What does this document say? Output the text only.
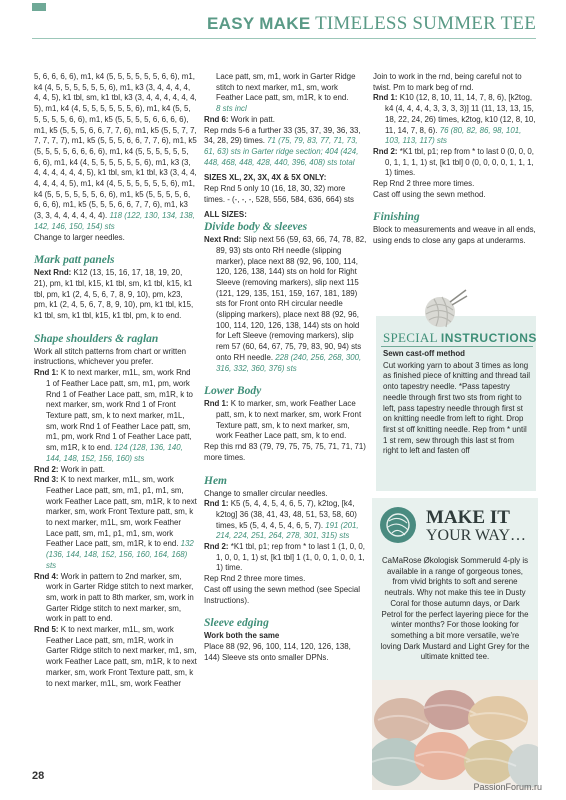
EASY MAKE TIMELESS SUMMER TEE

5, 6, 6, 6, 6), m1, k4 (5, 5, 5, 5, 5, 5, 6, 6), m1, k4 (4, 5, 5, 5, 5, 5, 5, 6), m1, k3 (3, 4, 4, 4, 4, 4, 4, 5), k1 tbl, sm, k1 tbl, k3 (3, 4, 4, 4, 4, 4, 4, 5), m1, k4 (4, 5, 5, 5, 5, 5, 5, 6), m1, k4 (5, 5, 5, 5, 5, 5, 6, 6), m1, k5 (5, 5, 5, 5, 6, 6, 6, 6), m1, k5 (5, 5, 5, 6, 6, 7, 7, 6), m1, k5 (5, 5, 7, 7, 7, 7, 7, 7), m1, k5 (5, 5, 5, 6, 6, 7, 7, 6), m1, k5 (5, 5, 5, 5, 6, 6, 6, 6), m1, k4 (5, 5, 5, 5, 5, 5, 6, 6), m1, k4 (4, 5, 5, 5, 5, 5, 5, 6), m1, k3 (3, 4, 4, 4, 4, 4, 4, 5), k1 tbl, sm, k1 tbl, k3 (3, 4, 4, 4, 4, 4, 4, 5), m1, k4 (4, 5, 5, 5, 5, 5, 5, 6), m1, k4 (5, 5, 5, 5, 5, 5, 6, 6), m1, k5 (5, 5, 5, 5, 6, 6, 6, 6), m1, k5 (5, 5, 5, 6, 6, 7, 7, 6), m1, k3 (3, 3, 4, 4, 4, 4, 4, 4). 118 (122, 130, 134, 138, 142, 146, 150, 154) sts

Change to larger needles.

Mark patt panels

Next Rnd: K12 (13, 15, 16, 17, 18, 19, 20, 21), pm, k1 tbl, k15, k1 tbl, sm, k1 tbl, k15, k1 tbl, pm, k1 (2, 4, 5, 6, 7, 8, 9, 10), pm, k23, pm, k1 (2, 4, 5, 6, 7, 8, 9, 10), pm, k1 tbl, k15, k1 tbl, sm, k1 tbl, k15, k1 tbl, pm, k to end.

Shape shoulders & raglan

Work all stitch patterns from chart or written instructions, whichever you prefer.

Rnd 1: K to next marker, m1L, sm, work Rnd 1 of Feather Lace patt, sm, m1, pm, work Rnd 1 of Feather Lace patt, sm, m1R, k to next marker, sm, work Rnd 1 of Front Texture patt, sm, k to next marker, m1L, sm, work Rnd 1 of Feather Lace patt, sm, m1, pm, work Rnd 1 of Feather Lace patt, sm, m1R, k to end. 124 (128, 136, 140, 144, 148, 152, 156, 160) sts

Rnd 2: Work in patt.

Rnd 3: K to next marker, m1L, sm, work Feather Lace patt, sm, m1, p1, m1, sm, work Feather Lace patt, sm, m1R, k to next marker, sm, work Front Texture patt, sm, k to next marker, m1L, sm, work Feather Lace patt, sm, m1, p1, m1, sm, work Feather Lace patt, sm, m1R, k to end. 132 (136, 144, 148, 152, 156, 160, 164, 168) sts

Rnd 4: Work in pattern to 2nd marker, sm, work in Garter Ridge stitch to next marker, sm, work in patt to 8th marker, sm, work in Garter Ridge stitch to next marker, sm, work in patt to end.

Rnd 5: K to next marker, m1L, sm, work Feather Lace patt, sm, m1R, work in Garter Ridge stitch to next marker, m1, sm, work Feather Lace patt, sm, m1R, k to next marker, sm, work Front Texture patt, sm, k to next marker, m1L, sm, work Feather

Lace patt, sm, m1, work in Garter Ridge stitch to next marker, m1, sm, work Feather Lace patt, sm, m1R, k to end.

8 sts incl

Rnd 6: Work in patt.

Rep rnds 5-6 a further 33 (35, 37, 39, 36, 33, 34, 28, 29) times. 71 (75, 79, 83, 77, 71, 73, 61, 63) sts in Garter ridge section; 404 (424, 448, 468, 448, 428, 440, 396, 408) sts total

SIZES XL, 2X, 3X, 4X & 5X ONLY:

Rep Rnd 5 only 10 (16, 18, 30, 32) more times. - (-, -, -, 528, 556, 584, 636, 664) sts

ALL SIZES:

Divide body & sleeves

Next Rnd: Slip next 56 (59, 63, 66, 74, 78, 82, 89, 93) sts onto RH needle (slipping marker), place next 88 (92, 96, 100, 114, 120, 126, 138, 144) sts on hold for Right Sleeve (removing markers), slip next 115 (121, 129, 135, 151, 159, 167, 181, 189) sts for Front onto RH circular needle (slipping markers), place next 88 (92, 96, 100, 114, 120, 126, 138, 144) sts on hold for Left Sleeve (removing markers), slip rem 57 (60, 64, 67, 75, 79, 83, 90, 94) sts onto RH needle. 228 (240, 256, 268, 300, 316, 332, 360, 376) sts

Lower Body

Rnd 1: K to marker, sm, work Feather Lace patt, sm, k to next marker, sm, work Front Texture patt, sm, k to next marker, sm, work Feather Lace patt, sm, k to end.

Rep this rnd 83 (79, 79, 75, 75, 75, 71, 71, 71) more times.

Hem

Change to smaller circular needles.

Rnd 1: K5 (5, 4, 4, 5, 4, 6, 5, 7), k2tog, [k4, k2tog] 36 (38, 41, 43, 48, 51, 53, 58, 60) times, k5 (5, 4, 4, 5, 4, 6, 5, 7). 191 (201, 214, 224, 251, 264, 278, 301, 315) sts

Rnd 2: *K1 tbl, p1; rep from * to last 1 (1, 0, 0, 1, 0, 0, 1, 1) st, [k1 tbl] 1 (1, 0, 0, 1, 0, 0, 1, 1) time.

Rep Rnd 2 three more times.

Cast off using the sewn method (see Special Instructions).

Sleeve edging

Work both the same

Place 88 (92, 96, 100, 114, 120, 126, 138, 144) Sleeve sts onto smaller DPNs.

Join to work in the rnd, being careful not to twist. Pm to mark beg of rnd.

Rnd 1: K10 (12, 8, 10, 11, 14, 7, 8, 6), [k2tog, k4 (4, 4, 4, 4, 3, 3, 3, 3)] 11 (11, 13, 13, 15, 18, 22, 24, 26) times, k2tog, k10 (12, 8, 10, 11, 14, 7, 8, 6). 76 (80, 82, 86, 98, 101, 103, 113, 117) sts

Rnd 2: *K1 tbl, p1; rep from * to last 0 (0, 0, 0, 0, 1, 1, 1, 1) st, [k1 tbl] 0 (0, 0, 0, 0, 1, 1, 1, 1) times.

Rep Rnd 2 three more times.

Cast off using the sewn method.

Finishing

Block to measurements and weave in all ends, using ends to close any gaps at underarms.

SPECIAL INSTRUCTIONS

Sewn cast-off method

Cut working yarn to about 3 times as long as finished piece of knitting and thread tail onto tapestry needle. *Pass tapestry needle through first two sts from right to left, pass tapestry needle through first st on knitting needle from left to right. Drop first st off knitting needle. Rep from * until 1 st rem, sew through this last st from right to left and fasten off

MAKE IT
YOUR WAY…
CaMaRose Økologisk Sommeruld 4-ply is available in a range of gorgeous tones, from vivid brights to soft and serene neutrals. Why not make this tee in Dusty Coral for those autumn days, or Dark Petrol for the perfect layering piece for the winter months? For those looking for something a bit more versatile, we're loving Dark Mustard and Light Grey for the ultimate knitted tee.
28
PassionForum.ru
